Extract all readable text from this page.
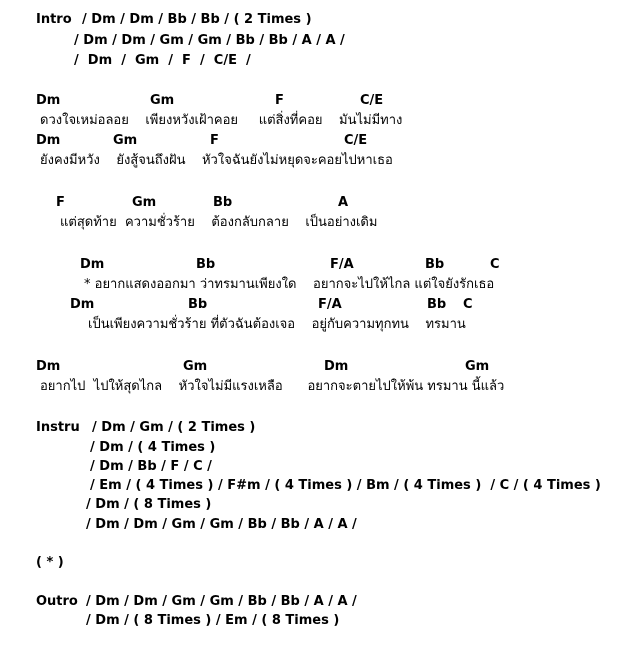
Intro / Dm / Dm / Bb / Bb / ( 2 Times )
/ Dm / Dm / Gm / Gm / Bb / Bb / A / A /
/  Dm  /  Gm  /  F  /  C/E  /
Dm	Gm	F	C/E
ดวงใจเหม่อลอย    เพียงหวังเฝ้าคอย     แต่สิ่งที่คอย    มันไม่มีทาง
Dm	Gm	F	C/E
ยังคงมีหวัง    ยังสู้จนถึงฝัน    หัวใจฉันยังไม่หยุดจะคอยไปหาเธอ
F	Gm	Bb	A
แต่สุดท้าย  ความชั่วร้าย    ต้องกลับกลาย    เป็นอย่างเดิม
Dm	Bb	F/A	Bb	C
* อยากแสดงออกมา ว่าทรมานเพียงใด    อยากจะไปให้ไกล แต่ใจยังรักเธอ
Dm	Bb	F/A	Bb C
เป็นเพียงความชั่วร้าย ที่ตัวฉันต้องเจอ    อยู่กับความทุกทน    ทรมาน
Dm	Gm	Dm	Gm
อยากไป  ไปให้สุดไกล    หัวใจไม่มีแรงเหลือ      อยากจะตายไปให้พ้น ทรมาน นี้แล้ว
Instru / Dm / Gm / ( 2 Times )
/ Dm / ( 4 Times )
/ Dm / Bb / F / C /
/ Em / ( 4 Times ) / F#m / ( 4 Times ) / Bm / ( 4 Times )  / C / ( 4 Times )
/ Dm / ( 8 Times )
/ Dm / Dm / Gm / Gm / Bb / Bb / A / A /
( * )
Outro / Dm / Dm / Gm / Gm / Bb / Bb / A / A /
/ Dm / ( 8 Times ) / Em / ( 8 Times )
